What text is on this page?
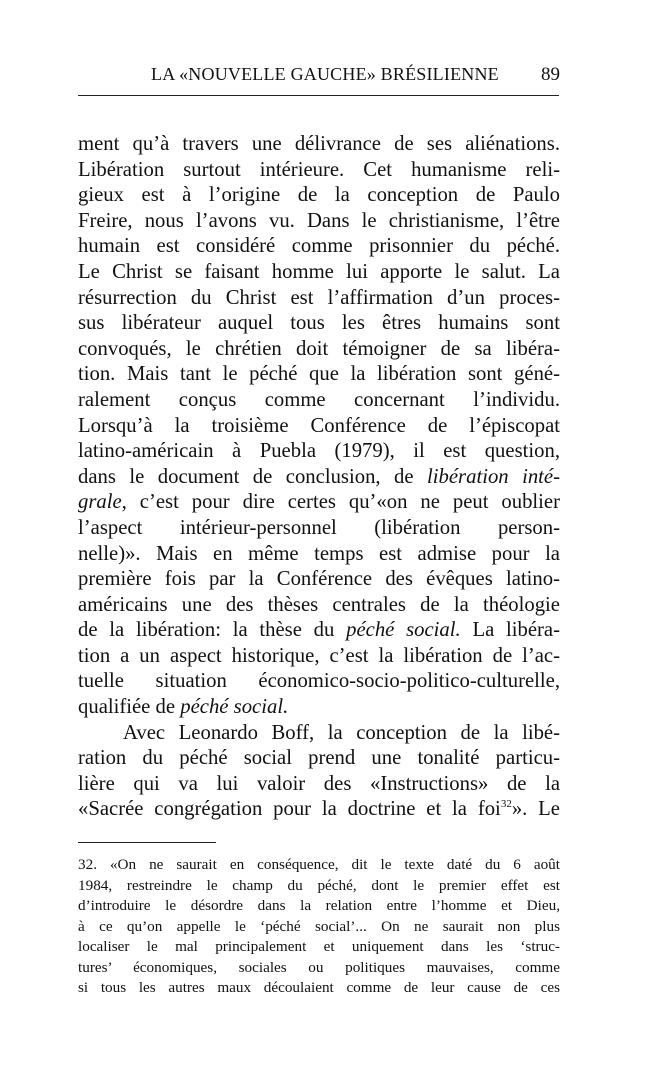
LA «NOUVELLE GAUCHE» BRÉSILIENNE 89
ment qu’à travers une délivrance de ses aliénations.
Libération surtout intérieure. Cet humanisme reli-
gieux est à l’origine de la conception de Paulo
Freire, nous l’avons vu. Dans le christianisme, l’être
humain est considéré comme prisonnier du péché.
Le Christ se faisant homme lui apporte le salut. La
résurrection du Christ est l’affirmation d’un proces-
sus libérateur auquel tous les êtres humains sont
convoqués, le chrétien doit témoigner de sa libéra-
tion. Mais tant le péché que la libération sont géné-
ralement conçus comme concernant l’individu.
Lorsqu’à la troisième Conférence de l’épiscopat
latino-américain à Puebla (1979), il est question,
dans le document de conclusion, de libération inté-
grale, c’est pour dire certes qu’«on ne peut oublier
l’aspect intérieur-personnel (libération person-
nelle)». Mais en même temps est admise pour la
première fois par la Conférence des évêques latino-
américains une des thèses centrales de la théologie
de la libération: la thèse du péché social. La libéra-
tion a un aspect historique, c’est la libération de l’ac-
tuelle situation économico-socio-politico-culturelle,
qualifiée de péché social.
Avec Leonardo Boff, la conception de la libé-
ration du péché social prend une tonalité particu-
lière qui va lui valoir des «Instructions» de la
«Sacrée congrégation pour la doctrine et la foi$^{32}$». Le
32. «On ne saurait en conséquence, dit le texte daté du 6 août
1984, restreindre le champ du péché, dont le premier effet est
d’introduire le désordre dans la relation entre l’homme et Dieu,
à ce qu’on appelle le ‘péché social’... On ne saurait non plus
localiser le mal principalement et uniquement dans les ‘struc-
tures’ économiques, sociales ou politiques mauvaises, comme
si tous les autres maux découlaient comme de leur cause de ces
